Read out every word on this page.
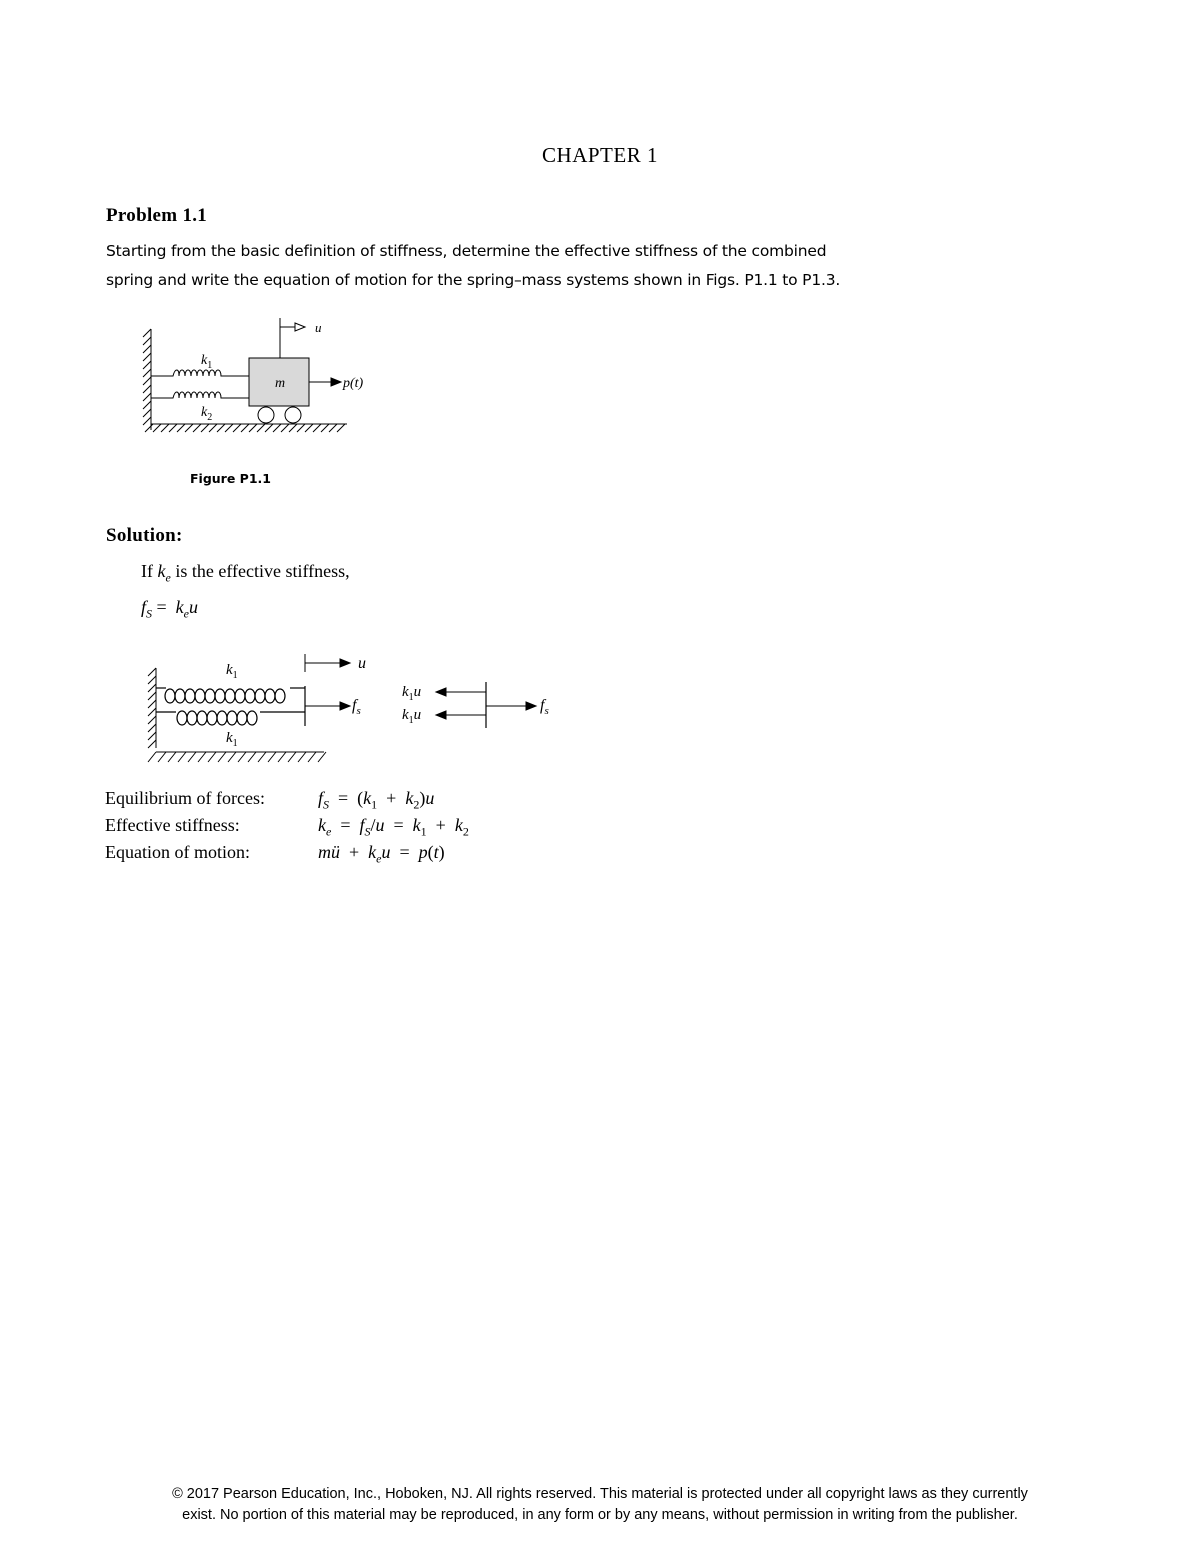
CHAPTER 1
Problem 1.1
Starting from the basic definition of stiffness, determine the effective stiffness of the combined
spring and write the equation of motion for the spring–mass systems shown in Figs. P1.1 to P1.3.
m
u
p(t)
$k_1$
$k_2$
Figure P1.1
Solution:
If $k_e$ is the effective stiffness,
$f_S = k_eu$
u
$f_s$
$k_1$
$k_1$
$k_1u$
$k_1u$
$f_s$
Equilibrium of forces:	$f_S = (k_1 + k_2)u$
Effective stiffness:	$k_e = f_S/u = k_1 + k_2$
Equation of motion:	mü  +  $k_eu = p(t)$
© 2017 Pearson Education, Inc., Hoboken, NJ. All rights reserved. This material is protected under all copyright laws as they currently
exist. No portion of this material may be reproduced, in any form or by any means, without permission in writing from the publisher.
